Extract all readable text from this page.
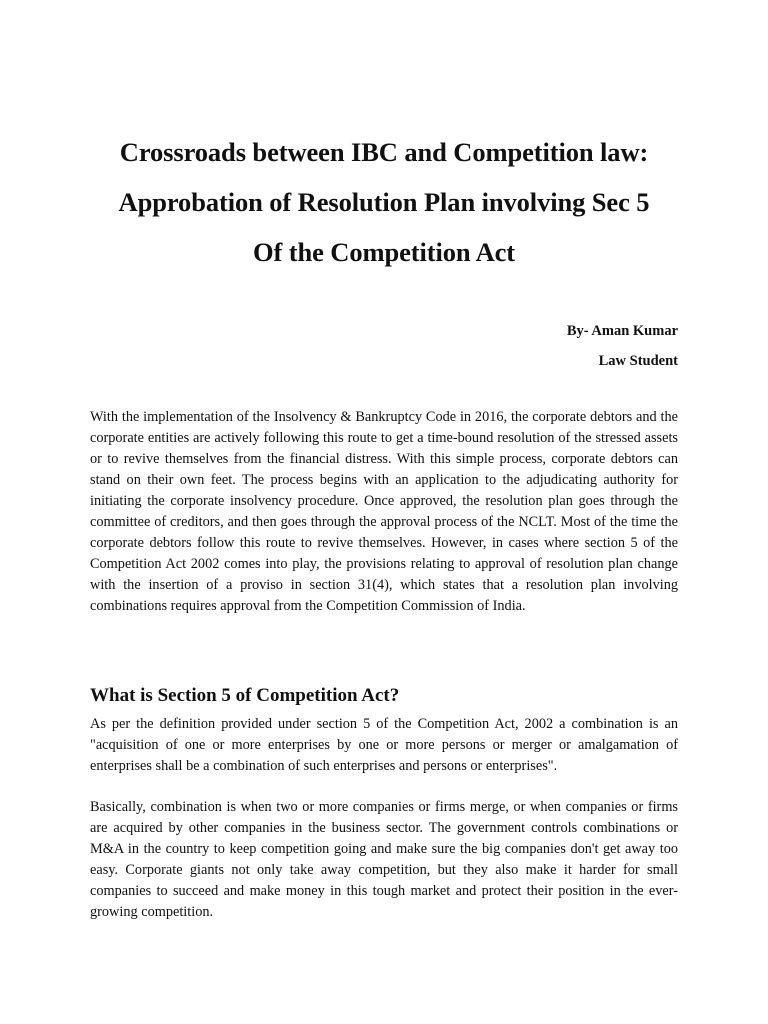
Crossroads between IBC and Competition law:
Approbation of Resolution Plan involving Sec 5
Of the Competition Act
By- Aman Kumar
Law Student

With the implementation of the Insolvency & Bankruptcy Code in 2016, the corporate debtors and the corporate entities are actively following this route to get a time-bound resolution of the stressed assets or to revive themselves from the financial distress. With this simple process, corporate debtors can stand on their own feet. The process begins with an application to the adjudicating authority for initiating the corporate insolvency procedure. Once approved, the resolution plan goes through the committee of creditors, and then goes through the approval process of the NCLT. Most of the time the corporate debtors follow this route to revive themselves. However, in cases where section 5 of the Competition Act 2002 comes into play, the provisions relating to approval of resolution plan change with the insertion of a proviso in section 31(4), which states that a resolution plan involving combinations requires approval from the Competition Commission of India.

What is Section 5 of Competition Act?

As per the definition provided under section 5 of the Competition Act, 2002 a combination is an "acquisition of one or more enterprises by one or more persons or merger or amalgamation of enterprises shall be a combination of such enterprises and persons or enterprises".

Basically, combination is when two or more companies or firms merge, or when companies or firms are acquired by other companies in the business sector. The government controls combinations or M&A in the country to keep competition going and make sure the big companies don't get away too easy. Corporate giants not only take away competition, but they also make it harder for small companies to succeed and make money in this tough market and protect their position in the ever-growing competition.
